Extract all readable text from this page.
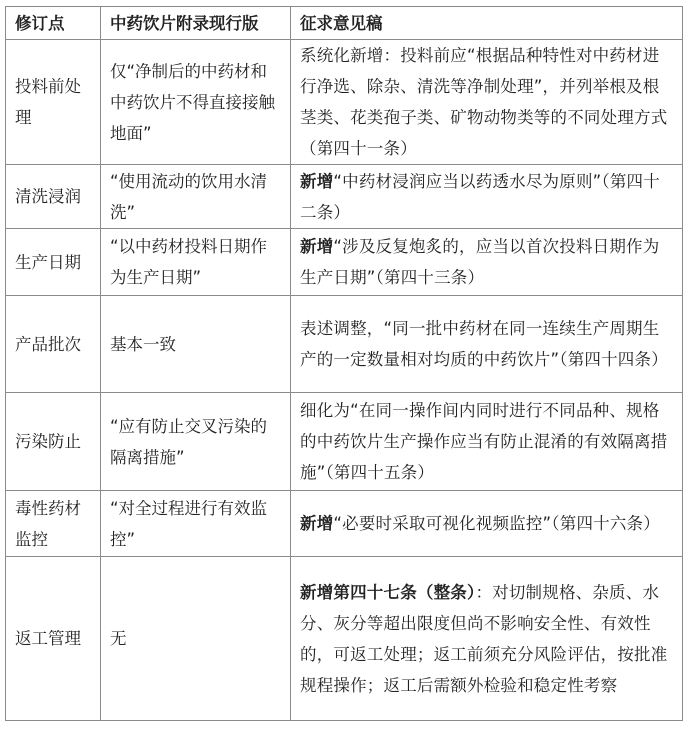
修订点	中药饮片附录现行版	征求意见稿
投料前处理	仅“净制后的中药材和中药饮片不得直接接触地面”	系统化新增：投料前应“根据品种特性对中药材进行净选、除杂、清洗等净制处理”，并列举根及根茎类、花类孢子类、矿物动物类等的不同处理方式（第四十一条）
清洗浸润	“使用流动的饮用水清洗”	新增“中药材浸润应当以药透水尽为原则”（第四十二条）
生产日期	“以中药材投料日期作为生产日期”	新增“涉及反复炮炙的，应当以首次投料日期作为生产日期”（第四十三条）
产品批次	基本一致	表述调整，“同一批中药材在同一连续生产周期生产的一定数量相对均质的中药饮片”（第四十四条）
污染防止	“应有防止交叉污染的隔离措施”	细化为“在同一操作间内同时进行不同品种、规格的中药饮片生产操作应当有防止混淆的有效隔离措施”（第四十五条）
毒性药材监控	“对全过程进行有效监控”	新增“必要时采取可视化视频监控”（第四十六条）
返工管理	无	新增第四十七条（整条）：对切制规格、杂质、水分、灰分等超出限度但尚不影响安全性、有效性的，可返工处理；返工前须充分风险评估，按批准规程操作；返工后需额外检验和稳定性考察
